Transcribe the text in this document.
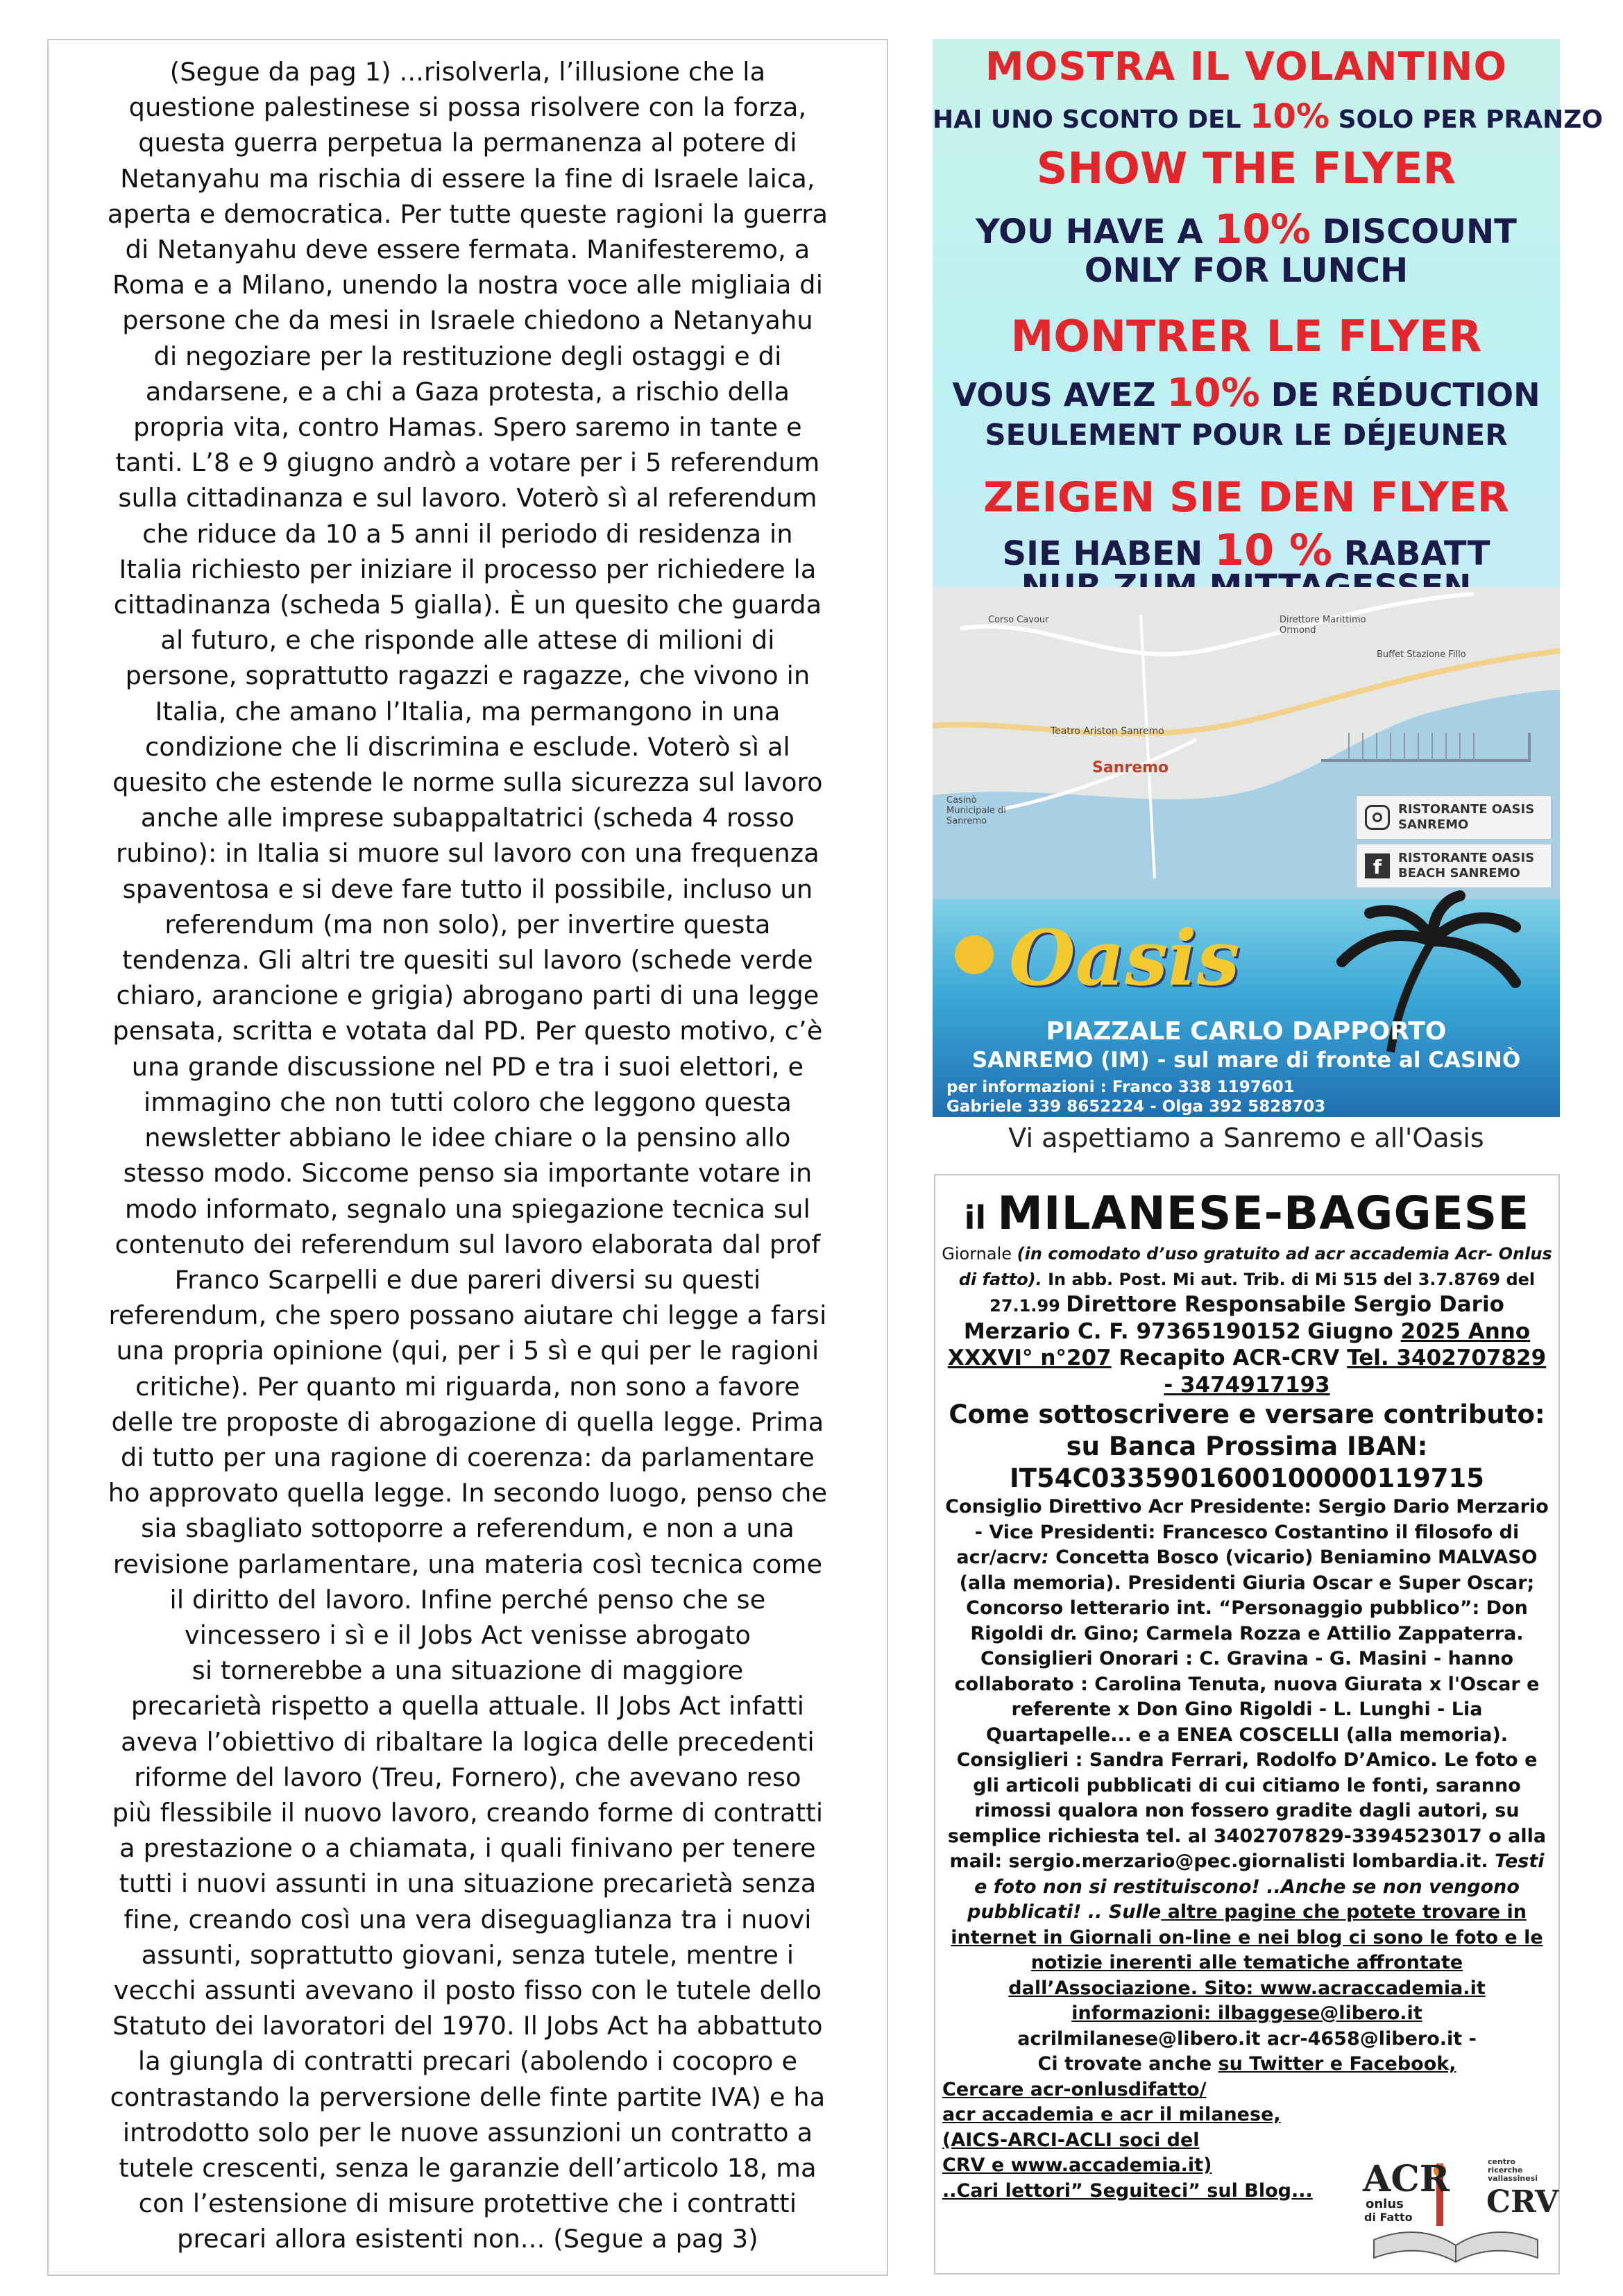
(Segue da pag 1) ...risolverla, l’illusione che la
questione palestinese si possa risolvere con la forza,
questa guerra perpetua la permanenza al potere di
Netanyahu ma rischia di essere la fine di Israele laica,
aperta e democratica. Per tutte queste ragioni la guerra
di Netanyahu deve essere fermata. Manifesteremo, a
Roma e a Milano, unendo la nostra voce alle migliaia di
persone che da mesi in Israele chiedono a Netanyahu
di negoziare per la restituzione degli ostaggi e di
andarsene, e a chi a Gaza protesta, a rischio della
propria vita, contro Hamas. Spero saremo in tante e
tanti. L’8 e 9 giugno andrò a votare per i 5 referendum
sulla cittadinanza e sul lavoro. Voterò sì al referendum
che riduce da 10 a 5 anni il periodo di residenza in
Italia richiesto per iniziare il processo per richiedere la
cittadinanza (scheda 5 gialla). È un quesito che guarda
al futuro, e che risponde alle attese di milioni di
persone, soprattutto ragazzi e ragazze, che vivono in
Italia, che amano l’Italia, ma permangono in una
condizione che li discrimina e esclude. Voterò sì al
quesito che estende le norme sulla sicurezza sul lavoro
anche alle imprese subappaltatrici (scheda 4 rosso
rubino): in Italia si muore sul lavoro con una frequenza
spaventosa e si deve fare tutto il possibile, incluso un
referendum (ma non solo), per invertire questa
tendenza. Gli altri tre quesiti sul lavoro (schede verde
chiaro, arancione e grigia) abrogano parti di una legge
pensata, scritta e votata dal PD. Per questo motivo, c’è
una grande discussione nel PD e tra i suoi elettori, e
immagino che non tutti coloro che leggono questa
newsletter abbiano le idee chiare o la pensino allo
stesso modo. Siccome penso sia importante votare in
modo informato, segnalo una spiegazione tecnica sul
contenuto dei referendum sul lavoro elaborata dal prof
Franco Scarpelli e due pareri diversi su questi
referendum, che spero possano aiutare chi legge a farsi
una propria opinione (qui, per i 5 sì e qui per le ragioni
critiche). Per quanto mi riguarda, non sono a favore
delle tre proposte di abrogazione di quella legge. Prima
di tutto per una ragione di coerenza: da parlamentare
ho approvato quella legge. In secondo luogo, penso che
sia sbagliato sottoporre a referendum, e non a una
revisione parlamentare, una materia così tecnica come
il diritto del lavoro. Infine perché penso che se
vincessero i sì e il Jobs Act venisse abrogato
si tornerebbe a una situazione di maggiore
precarietà rispetto a quella attuale. Il Jobs Act infatti
aveva l’obiettivo di ribaltare la logica delle precedenti
riforme del lavoro (Treu, Fornero), che avevano reso
più flessibile il nuovo lavoro, creando forme di contratti
a prestazione o a chiamata, i quali finivano per tenere
tutti i nuovi assunti in una situazione precarietà senza
fine, creando così una vera diseguaglianza tra i nuovi
assunti, soprattutto giovani, senza tutele, mentre i
vecchi assunti avevano il posto fisso con le tutele dello
Statuto dei lavoratori del 1970. Il Jobs Act ha abbattuto
la giungla di contratti precari (abolendo i cocopro e
contrastando la perversione delle finte partite IVA) e ha
introdotto solo per le nuove assunzioni un contratto a
tutele crescenti, senza le garanzie dell’articolo 18, ma
con l’estensione di misure protettive che i contratti
precari allora esistenti non... (Segue a pag 3)

MOSTRA IL VOLANTINO
HAI UNO SCONTO DEL 10% SOLO PER PRANZO
SHOW THE FLYER
YOU HAVE A 10% DISCOUNT
ONLY FOR LUNCH
MONTRER LE FLYER
VOUS AVEZ 10% DE RÉDUCTION
SEULEMENT POUR LE DÉJEUNER
ZEIGEN SIE DEN FLYER
SIE HABEN 10 % RABATT
Sanremo
Teatro Ariston Sanremo
Casinò Municipale di Sanremo
Direttore Marittimo Ormond
Buffet Stazione Fillo
Corso Cavour
RISTORANTE OASIS
SANREMO
f	RISTORANTE OASIS
BEACH SANREMO
Oasis
PIAZZALE CARLO DAPPORTO
SANREMO (IM) - sul mare di fronte al CASINÒ
per informazioni : Franco 338 1197601
Gabriele 339 8652224 - Olga 392 5828703
Vi aspettiamo a Sanremo e all'Oasis
il MILANESE-BAGGESE

Giornale (in comodato d’uso gratuito ad acr accademia Acr- Onlus di fatto). In abb. Post. Mi aut. Trib. di Mi 515 del 3.7.8769 del 27.1.99 Direttore Responsabile Sergio Dario Merzario C. F. 97365190152 Giugno 2025 Anno XXXVI° n°207 Recapito ACR-CRV Tel. 3402707829 - 3474917193

Come sottoscrivere e versare contributo:
su Banca Prossima IBAN:
IT54C0335901600100000119715

Consiglio Direttivo Acr Presidente: Sergio Dario Merzario - Vice Presidenti: Francesco Costantino il filosofo di acr/acrv: Concetta Bosco (vicario) Beniamino MALVASO (alla memoria). Presidenti Giuria Oscar e Super Oscar; Concorso letterario int. “Personaggio pubblico”: Don Rigoldi dr. Gino; Carmela Rozza e Attilio Zappaterra. Consiglieri Onorari : C. Gravina - G. Masini - hanno collaborato : Carolina Tenuta, nuova Giurata x l'Oscar e referente x Don Gino Rigoldi - L. Lunghi - Lia Quartapelle... e a ENEA COSCELLI (alla memoria). Consiglieri : Sandra Ferrari, Rodolfo D’Amico. Le foto e gli articoli pubblicati di cui citiamo le fonti, saranno rimossi qualora non fossero gradite dagli autori, su semplice richiesta tel. al 3402707829-3394523017 o alla mail: sergio.merzario@pec.giornalisti lombardia.it. Testi e foto non si restituiscono! ..Anche se non vengono pubblicati! .. Sulle altre pagine che potete trovare in internet in Giornali on-line e nei blog ci sono le foto e le notizie inerenti alle tematiche affrontate dall’Associazione. Sito: www.acraccademia.it informazioni: ilbaggese@libero.it
acrilmilanese@libero.it acr-4658@libero.it -
Ci trovate anche su Twitter e Facebook,

Cercare acr-onlusdifatto/
acr accademia e acr il milanese,
(AICS-ARCI-ACLI soci del
CRV e www.accademia.it)
..Cari lettori” Seguiteci” sul Blog...	ACR
onlus
di Fatto CRV
centro ricerche vallassinesi
